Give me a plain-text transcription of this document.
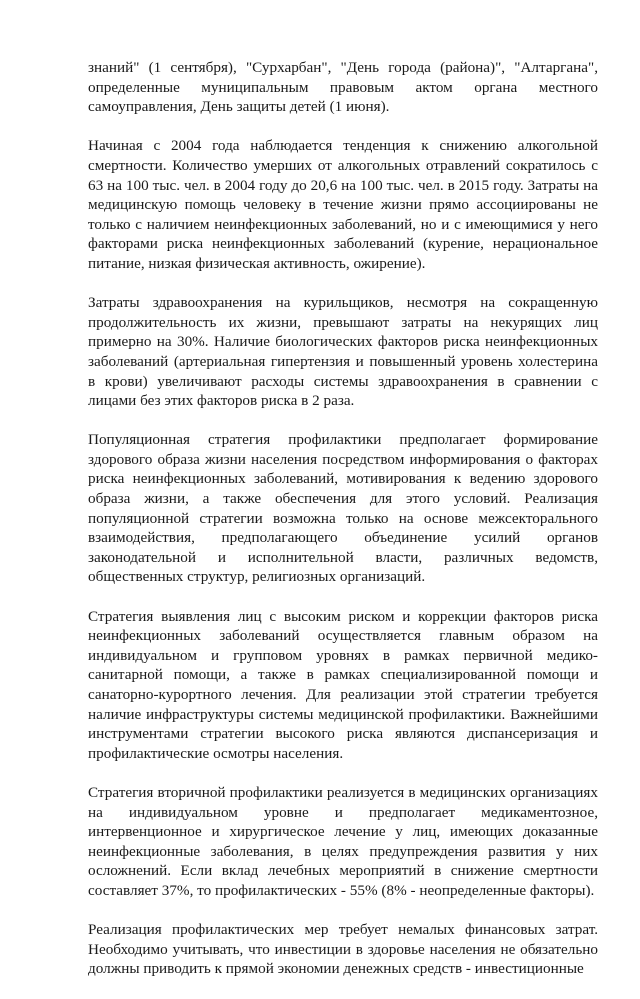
знаний" (1 сентября), "Сурхарбан", "День города (района)", "Алтаргана", определенные муниципальным правовым актом органа местного самоуправления, День защиты детей (1 июня).

Начиная с 2004 года наблюдается тенденция к снижению алкогольной смертности. Количество умерших от алкогольных отравлений сократилось с 63 на 100 тыс. чел. в 2004 году до 20,6 на 100 тыс. чел. в 2015 году. Затраты на медицинскую помощь человеку в течение жизни прямо ассоциированы не только с наличием неинфекционных заболеваний, но и с имеющимися у него факторами риска неинфекционных заболеваний (курение, нерациональное питание, низкая физическая активность, ожирение).

Затраты здравоохранения на курильщиков, несмотря на сокращенную продолжительность их жизни, превышают затраты на некурящих лиц примерно на 30%. Наличие биологических факторов риска неинфекционных заболеваний (артериальная гипертензия и повышенный уровень холестерина в крови) увеличивают расходы системы здравоохранения в сравнении с лицами без этих факторов риска в 2 раза.

Популяционная стратегия профилактики предполагает формирование здорового образа жизни населения посредством информирования о факторах риска неинфекционных заболеваний, мотивирования к ведению здорового образа жизни, а также обеспечения для этого условий. Реализация популяционной стратегии возможна только на основе межсекторального взаимодействия, предполагающего объединение усилий органов законодательной и исполнительной власти, различных ведомств, общественных структур, религиозных организаций.

Стратегия выявления лиц с высоким риском и коррекции факторов риска неинфекционных заболеваний осуществляется главным образом на индивидуальном и групповом уровнях в рамках первичной медико-санитарной помощи, а также в рамках специализированной помощи и санаторно-курортного лечения. Для реализации этой стратегии требуется наличие инфраструктуры системы медицинской профилактики. Важнейшими инструментами стратегии высокого риска являются диспансеризация и профилактические осмотры населения.

Стратегия вторичной профилактики реализуется в медицинских организациях на индивидуальном уровне и предполагает медикаментозное, интервенционное и хирургическое лечение у лиц, имеющих доказанные неинфекционные заболевания, в целях предупреждения развития у них осложнений. Если вклад лечебных мероприятий в снижение смертности составляет 37%, то профилактических - 55% (8% - неопределенные факторы).

Реализация профилактических мер требует немалых финансовых затрат. Необходимо учитывать, что инвестиции в здоровье населения не обязательно должны приводить к прямой экономии денежных средств - инвестиционные
